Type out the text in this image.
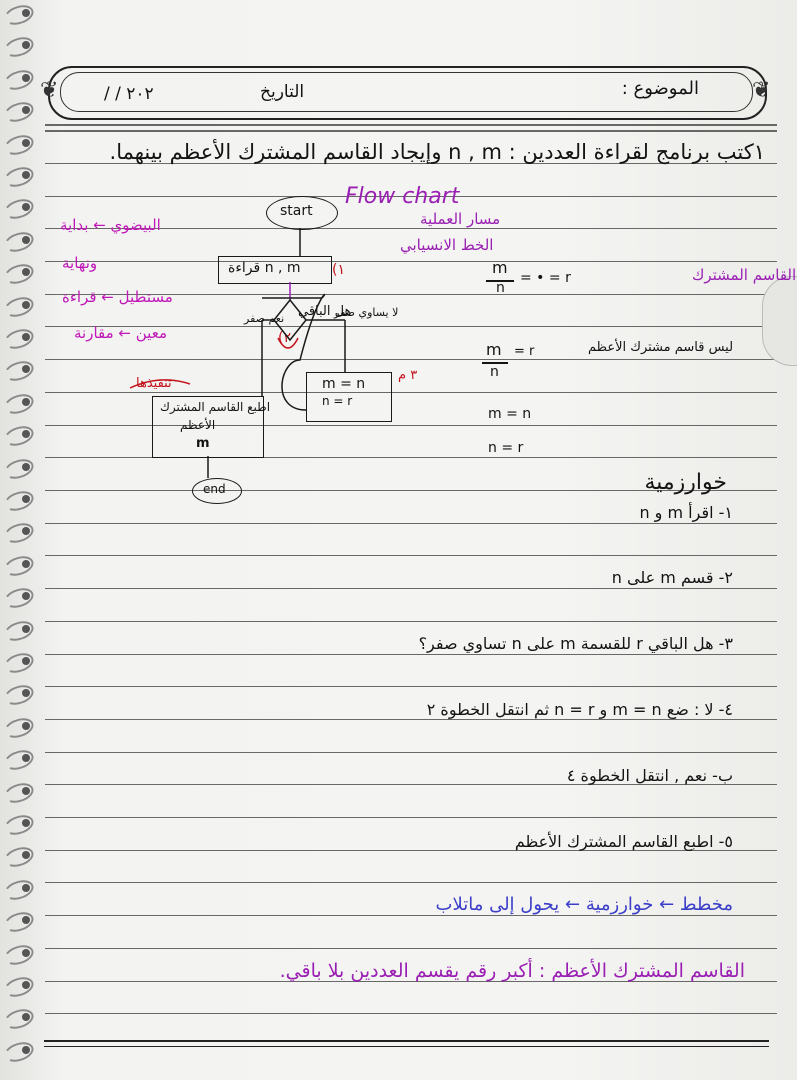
❦	❦
الموضوع :
التاريخ
/ / ٢٠٢
١كتب برنامج لقراءة العددين : n , m وإيجاد القاسم المشترك الأعظم بينهما.
Flow chart
start
n , m قراءة (١
هل الباقي
(٢
نعم صفر	لا يساوي صفر
تنفيذها
اطبع القاسم المشترك
الأعظم
m
m = n
n = r
٣ م
end
البيضوي ← بداية
ونهاية
مستطيل ← قراءة
معين ← مقارنة
مسار العملية
الخط الانسيابي
القاسم المشترك
m
n
= • = r
ليس قاسم مشترك الأعظم
m
n
= r
m = n
n = r
خوارزمية
١- اقرأ m و n
٢- قسم m على n
٣- هل الباقي r للقسمة m على n تساوي صفر؟
٤- لا : ضع m = n و n = r ثم انتقل الخطوة ٢
ب- نعم , انتقل الخطوة ٤
٥- اطبع القاسم المشترك الأعظم
مخطط ← خوارزمية ← يحول إلى ماتلاب
القاسم المشترك الأعظم : أكبر رقم يقسم العددين بلا باقي.
